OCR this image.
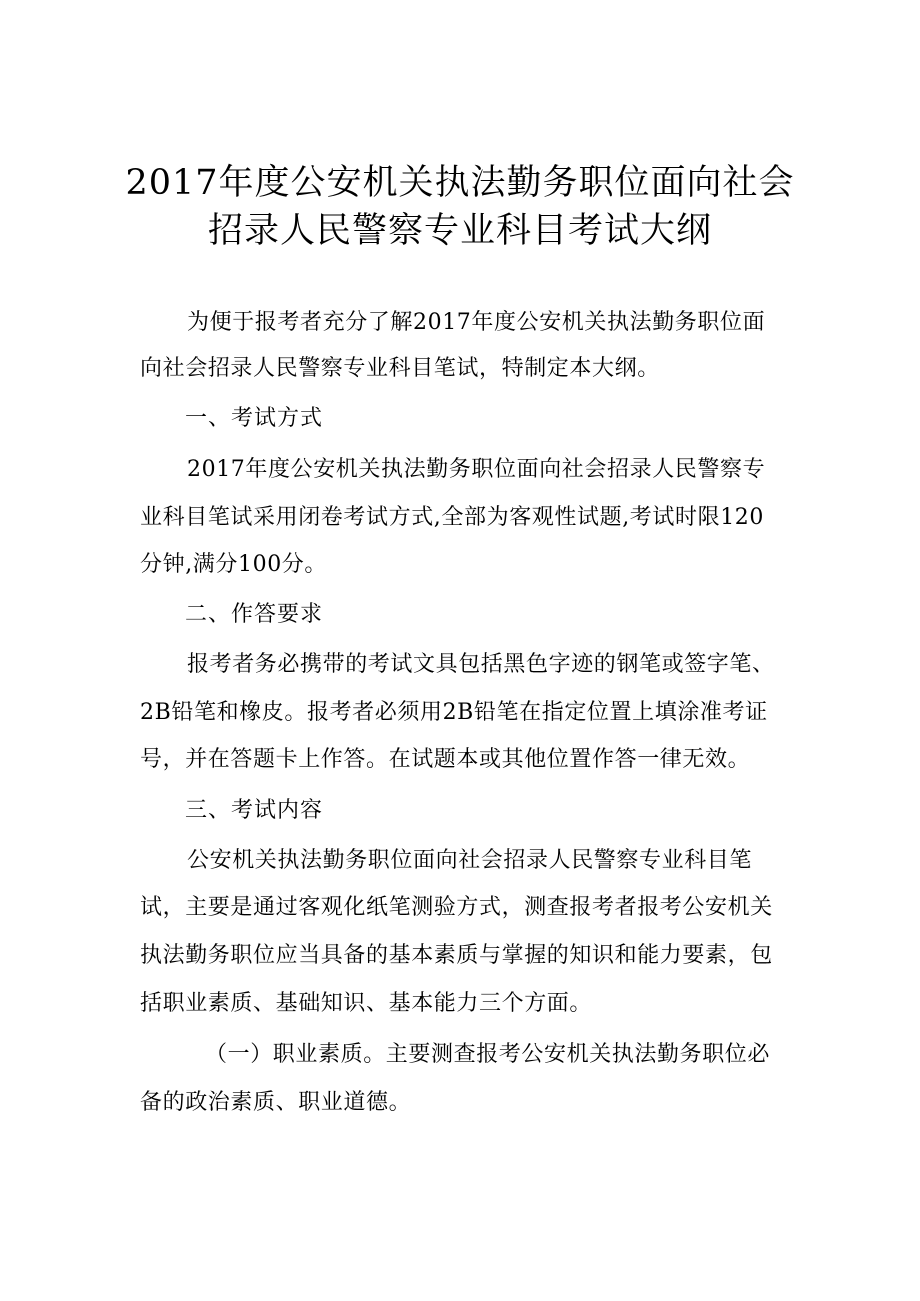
2017年度公安机关执法勤务职位面向社会
招录人民警察专业科目考试大纲
为便于报考者充分了解2017年度公安机关执法勤务职位面
向社会招录人民警察专业科目笔试，特制定本大纲。
一、考试方式
2017年度公安机关执法勤务职位面向社会招录人民警察专
业科目笔试采用闭卷考试方式,全部为客观性试题,考试时限120
分钟,满分100分。
二、作答要求
报考者务必携带的考试文具包括黑色字迹的钢笔或签字笔、
2B铅笔和橡皮。报考者必须用2B铅笔在指定位置上填涂准考证
号，并在答题卡上作答。在试题本或其他位置作答一律无效。
三、考试内容
公安机关执法勤务职位面向社会招录人民警察专业科目笔
试，主要是通过客观化纸笔测验方式，测查报考者报考公安机关
执法勤务职位应当具备的基本素质与掌握的知识和能力要素，包
括职业素质、基础知识、基本能力三个方面。
（一）职业素质。主要测查报考公安机关执法勤务职位必
备的政治素质、职业道德。
